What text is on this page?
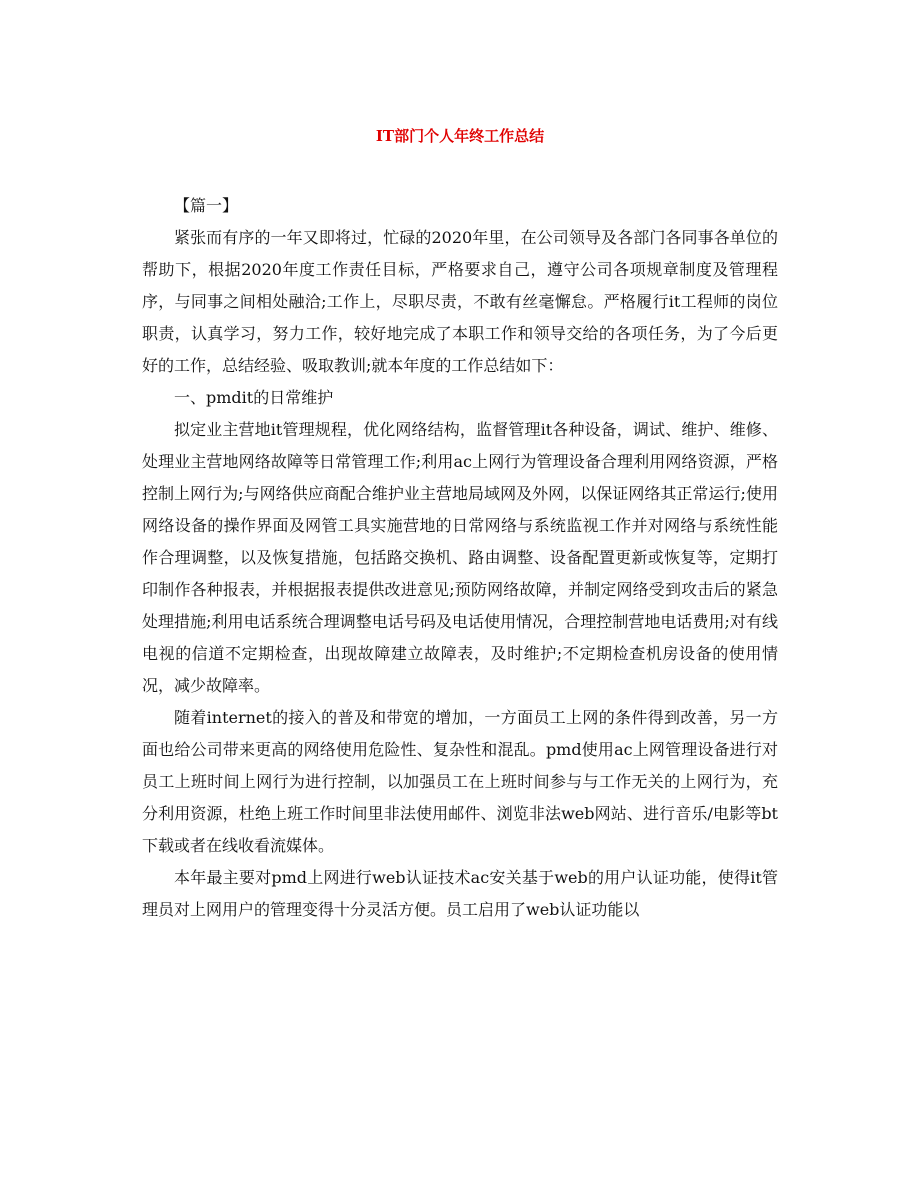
IT部门个人年终工作总结

【篇一】

紧张而有序的一年又即将过，忙碌的2020年里，在公司领导及各部门各同事各单位的帮助下，根据2020年度工作责任目标，严格要求自己，遵守公司各项规章制度及管理程序，与同事之间相处融洽;工作上，尽职尽责，不敢有丝毫懈怠。严格履行it工程师的岗位职责，认真学习，努力工作，较好地完成了本职工作和领导交给的各项任务，为了今后更好的工作，总结经验、吸取教训;就本年度的工作总结如下：

一、pmdit的日常维护

拟定业主营地it管理规程，优化网络结构，监督管理it各种设备，调试、维护、维修、处理业主营地网络故障等日常管理工作;利用ac上网行为管理设备合理利用网络资源，严格控制上网行为;与网络供应商配合维护业主营地局域网及外网，以保证网络其正常运行;使用网络设备的操作界面及网管工具实施营地的日常网络与系统监视工作并对网络与系统性能作合理调整，以及恢复措施，包括路交换机、路由调整、设备配置更新或恢复等，定期打印制作各种报表，并根据报表提供改进意见;预防网络故障，并制定网络受到攻击后的紧急处理措施;利用电话系统合理调整电话号码及电话使用情况，合理控制营地电话费用;对有线电视的信道不定期检查，出现故障建立故障表，及时维护;不定期检查机房设备的使用情况，减少故障率。

随着internet的接入的普及和带宽的增加，一方面员工上网的条件得到改善，另一方面也给公司带来更高的网络使用危险性、复杂性和混乱。pmd使用ac上网管理设备进行对员工上班时间上网行为进行控制，以加强员工在上班时间参与与工作无关的上网行为，充分利用资源，杜绝上班工作时间里非法使用邮件、浏览非法web网站、进行音乐/电影等bt下载或者在线收看流媒体。

本年最主要对pmd上网进行web认证技术ac安关基于web的用户认证功能，使得it管理员对上网用户的管理变得十分灵活方便。员工启用了web认证功能以
